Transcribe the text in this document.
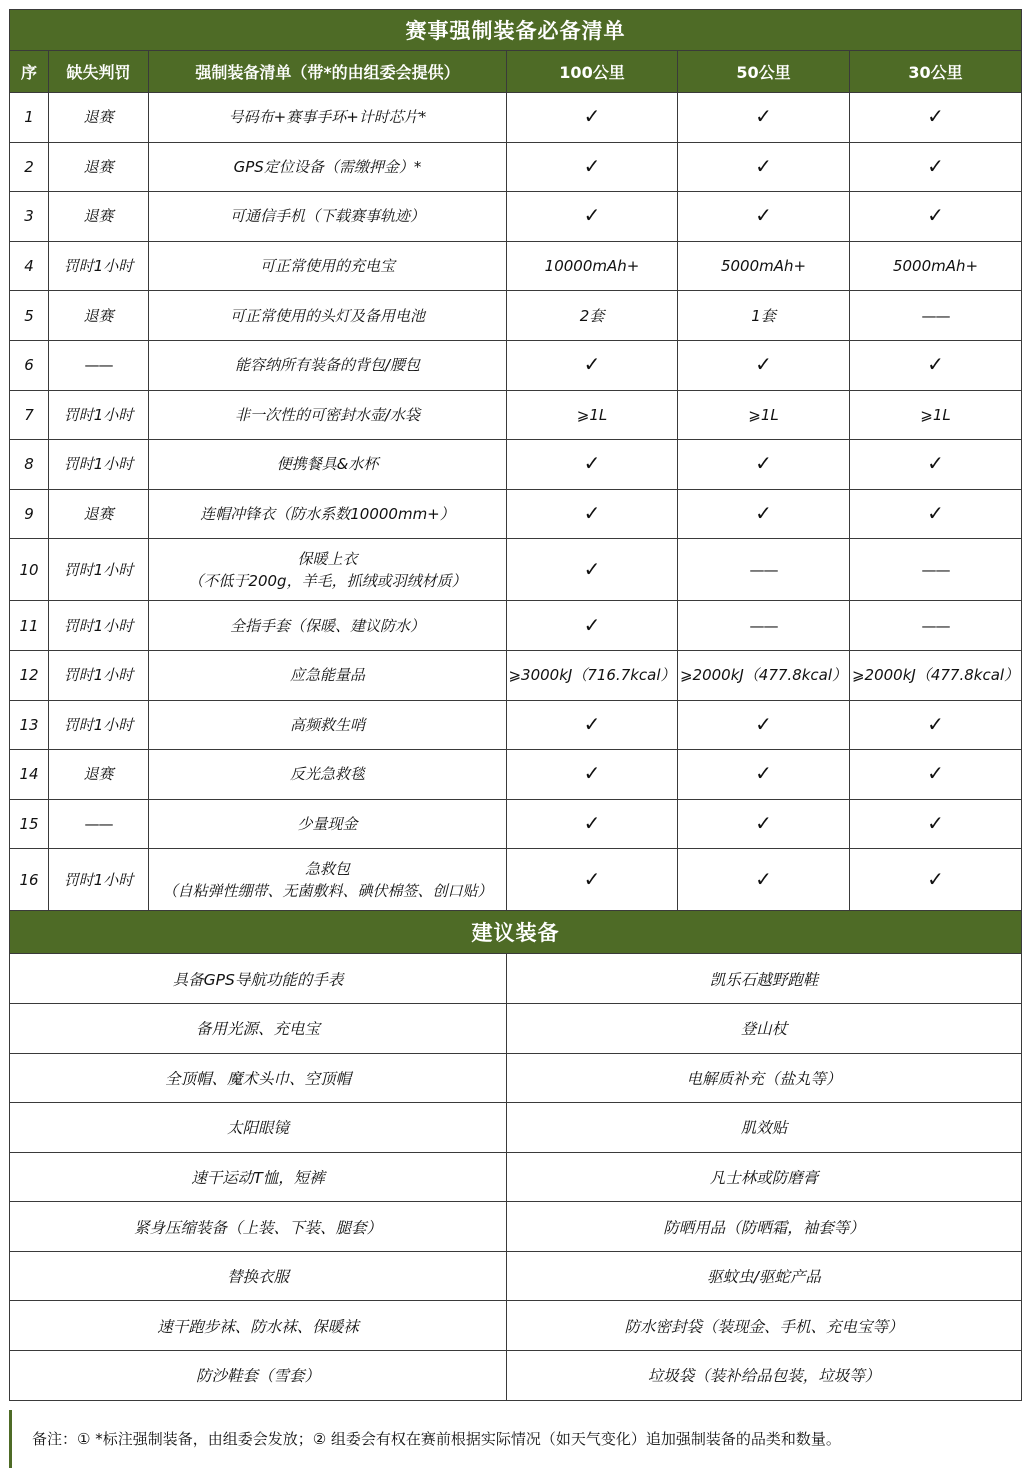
赛事强制装备必备清单					
序	缺失判罚	强制装备清单（带*的由组委会提供）	100公里	50公里	30公里
1	退赛	号码布+赛事手环+计时芯片*	✓	✓	✓
2	退赛	GPS定位设备（需缴押金）*	✓	✓	✓
3	退赛	可通信手机（下载赛事轨迹）	✓	✓	✓
4	罚时1小时	可正常使用的充电宝	10000mAh+	5000mAh+	5000mAh+
5	退赛	可正常使用的头灯及备用电池	2套	1套	——
6	——	能容纳所有装备的背包/腰包	✓	✓	✓
7	罚时1小时	非一次性的可密封水壶/水袋	⩾1L	⩾1L	⩾1L
8	罚时1小时	便携餐具&水杯	✓	✓	✓
9	退赛	连帽冲锋衣（防水系数10000mm+）	✓	✓	✓
10	罚时1小时	保暖上衣
（不低于200g，羊毛，抓绒或羽绒材质）	✓	——	——
11	罚时1小时	全指手套（保暖、建议防水）	✓	——	——
12	罚时1小时	应急能量品	⩾3000kJ（716.7kcal）	⩾2000kJ（477.8kcal）	⩾2000kJ（477.8kcal）
13	罚时1小时	高频救生哨	✓	✓	✓
14	退赛	反光急救毯	✓	✓	✓
15	——	少量现金	✓	✓	✓
16	罚时1小时	急救包
（自粘弹性绷带、无菌敷料、碘伏棉签、创口贴）	✓	✓	✓
建议装备					
具备GPS导航功能的手表			凯乐石越野跑鞋		
备用光源、充电宝			登山杖		
全顶帽、魔术头巾、空顶帽			电解质补充（盐丸等）		
太阳眼镜			肌效贴		
速干运动T恤，短裤			凡士林或防磨膏		
紧身压缩装备（上装、下装、腿套）			防晒用品（防晒霜，袖套等）		
替换衣服			驱蚊虫/驱蛇产品		
速干跑步袜、防水袜、保暖袜			防水密封袋（装现金、手机、充电宝等）		
防沙鞋套（雪套）			垃圾袋（装补给品包装，垃圾等）		
备注：① *标注强制装备，由组委会发放；② 组委会有权在赛前根据实际情况（如天气变化）追加强制装备的品类和数量。
